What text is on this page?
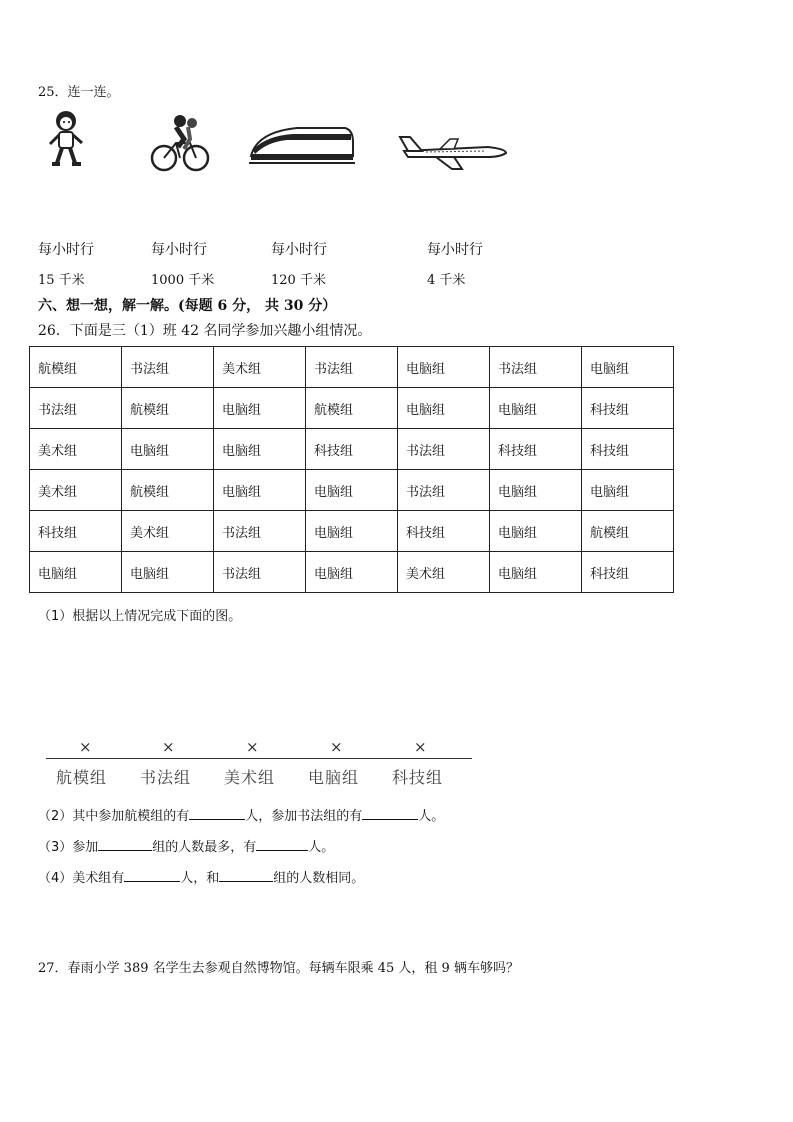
25．连一连。
每小时行
15 千米
每小时行
1000 千米
每小时行
120 千米
每小时行
4 千米
六、想一想，解一解。(每题 6 分， 共 30 分）
26．下面是三（1）班 42 名同学参加兴趣小组情况。
航模组	书法组	美术组	书法组	电脑组	书法组	电脑组
书法组	航模组	电脑组	航模组	电脑组	电脑组	科技组
美术组	电脑组	电脑组	科技组	书法组	科技组	科技组
美术组	航模组	电脑组	电脑组	书法组	电脑组	电脑组
科技组	美术组	书法组	电脑组	科技组	电脑组	航模组
电脑组	电脑组	书法组	电脑组	美术组	电脑组	科技组
（1）根据以上情况完成下面的图。
×	×	×	×	×
航模组 书法组 美术组 电脑组 科技组
（2）其中参加航模组的有	人，参加书法组的有	人。
（3）参加	组的人数最多，有	人。
（4）美术组有	人，和	组的人数相同。
27．春雨小学 389 名学生去参观自然博物馆。每辆车限乘 45 人，租 9 辆车够吗？
